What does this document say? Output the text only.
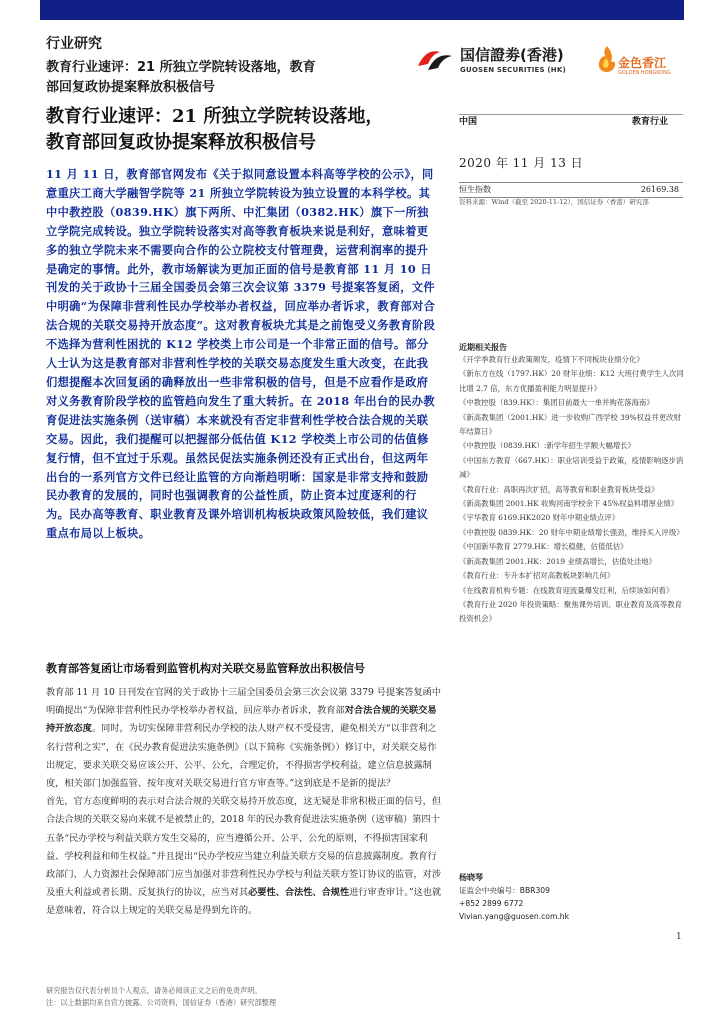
行业研究
教育行业速评：21 所独立学院转设落地，教育
部回复政协提案释放积极信号
国信證劵(香港)
GUOSEN SECURITIES (HK)	金色香江
GOLDEN HONGKONG
教育行业速评：21 所独立学院转设落地，
教育部回复政协提案释放积极信号
中国	教育行业
2020 年 11 月 13 日
恒生指数	26169.38
资料来源：Wind（截至 2020-11-12），国信证券（香港）研究部

11 月 11 日，教育部官网发布《关于拟同意设置本科高等学校的公示》，同意重庆工商大学融智学院等 21 所独立学院转设为独立设置的本科学校。其中中教控股（0839.HK）旗下两所、中汇集团（0382.HK）旗下一所独立学院完成转设。独立学院转设落实对高等教育板块来说是利好，意味着更多的独立学院未来不需要向合作的公立院校支付管理费，运营利润率的提升是确定的事情。此外，教市场解读为更加正面的信号是教育部 11 月 10 日刊发的关于政协十三届全国委员会第三次会议第 3379 号提案答复函，文件中明确“为保障非营利性民办学校举办者权益，回应举办者诉求，教育部对合法合规的关联交易持开放态度”。这对教育板块尤其是之前饱受义务教育阶段不选择为营利性困扰的 K12 学校类上市公司是一个非常正面的信号。部分人士认为这是教育部对非营利性学校的关联交易态度发生重大改变，在此我们想提醒本次回复函的确释放出一些非常积极的信号，但是不应看作是政府对义务教育阶段学校的监管趋向发生了重大转折。在 2018 年出台的民办教育促进法实施条例（送审稿）本来就没有否定非营利性学校合法合规的关联交易。因此，我们提醒可以把握部分低估值 K12 学校类上市公司的估值修复行情，但不宜过于乐观。虽然民促法实施条例还没有正式出台，但这两年出台的一系列官方文件已经让监管的方向渐趋明晰：国家是非常支持和鼓励民办教育的发展的，同时也强调教育的公益性质，防止资本过度逐利的行为。民办高等教育、职业教育及课外培训机构板块政策风险较低，我们建议重点布局以上板块。

教育部答复函让市场看到监管机构对关联交易监管释放出积极信号

教育部 11 月 10 日刊发在官网的关于政协十三届全国委员会第三次会议第 3379 号提案答复函中明确提出“为保障非营利性民办学校举办者权益，回应举办者诉求，教育部对合法合规的关联交易持开放态度。同时，为切实保障非营利民办学校的法人财产权不受侵害，避免相关方“以非营利之名行营利之实”，在《民办教育促进法实施条例》（以下简称《实施条例》）修订中，对关联交易作出规定，要求关联交易应该公开、公平、公允，合理定价，不得损害学校利益，建立信息披露制度，相关部门加强监管、按年度对关联交易进行官方审查等。”这到底是不是新的提法？

首先，官方态度鲜明的表示对合法合规的关联交易持开放态度，这无疑是非常积极正面的信号，但合法合规的关联交易向来就不是被禁止的，2018 年的民办教育促进法实施条例（送审稿）第四十五条“民办学校与利益关联方发生交易的，应当遵循公开、公平、公允的原则，不得损害国家利益、学校利益和师生权益。”并且提出“民办学校应当建立利益关联方交易的信息披露制度。教育行政部门、人力资源社会保障部门应当加强对非营利性民办学校与利益关联方签订协议的监管，对涉及重大利益或者长期、反复执行的协议，应当对其必要性、合法性、合规性进行审查审计。”这也就是意味着，符合以上规定的关联交易是得到允许的。

近期相关报告
《开学季教育行业政策频发，疫情下不同板块业绩分化》
《新东方在线（1797.HK）20 财年业绩：K12 大班付费学生人次同比增 2.7 倍，东方优播盈利能力明显提升》
《中教控股（839.HK）：集团目前最大一单并购花落海南》
《新高教集团（2001.HK）进一步收购广西学校 39%权益并更改财年结算日》
《中教控股（0839.HK）:新学年招生学额大幅增长》
《中国东方教育（667.HK）：职业培训受益于政策，疫情影响逐步消减》
《教育行业：高职再次扩招，高等教育和职业教育板块受益》
《新高教集团 2001.HK 收购河南学校余下 45%权益料增厚业绩》
《宇华教育 6169.HK2020 财年中期业绩点评》
《中教控股 0839.HK：20 财年中期业绩增长强劲，维持买入评级》
《中国新华教育 2779.HK：增长稳健，估值低估》
《新高教集团 2001.HK：2019 业绩高增长，估值处洼地》
《教育行业：专升本扩招对高教板块影响几何》
《在线教育机构专题：在线教育迎流量爆发红利，后续该如何看》
《教育行业 2020 年投资策略：聚焦课外培训、职业教育及高等教育投资机会》
杨晓琴
证监会中央编号：BBR309
+852 2899 6772
Vivian.yang@guosen.com.hk
1
研究报告仅代表分析员个人观点，请务必阅读正文之后的免责声明。
注：以上数据均来自官方披露、公司资料，国信证券（香港）研究部整理
